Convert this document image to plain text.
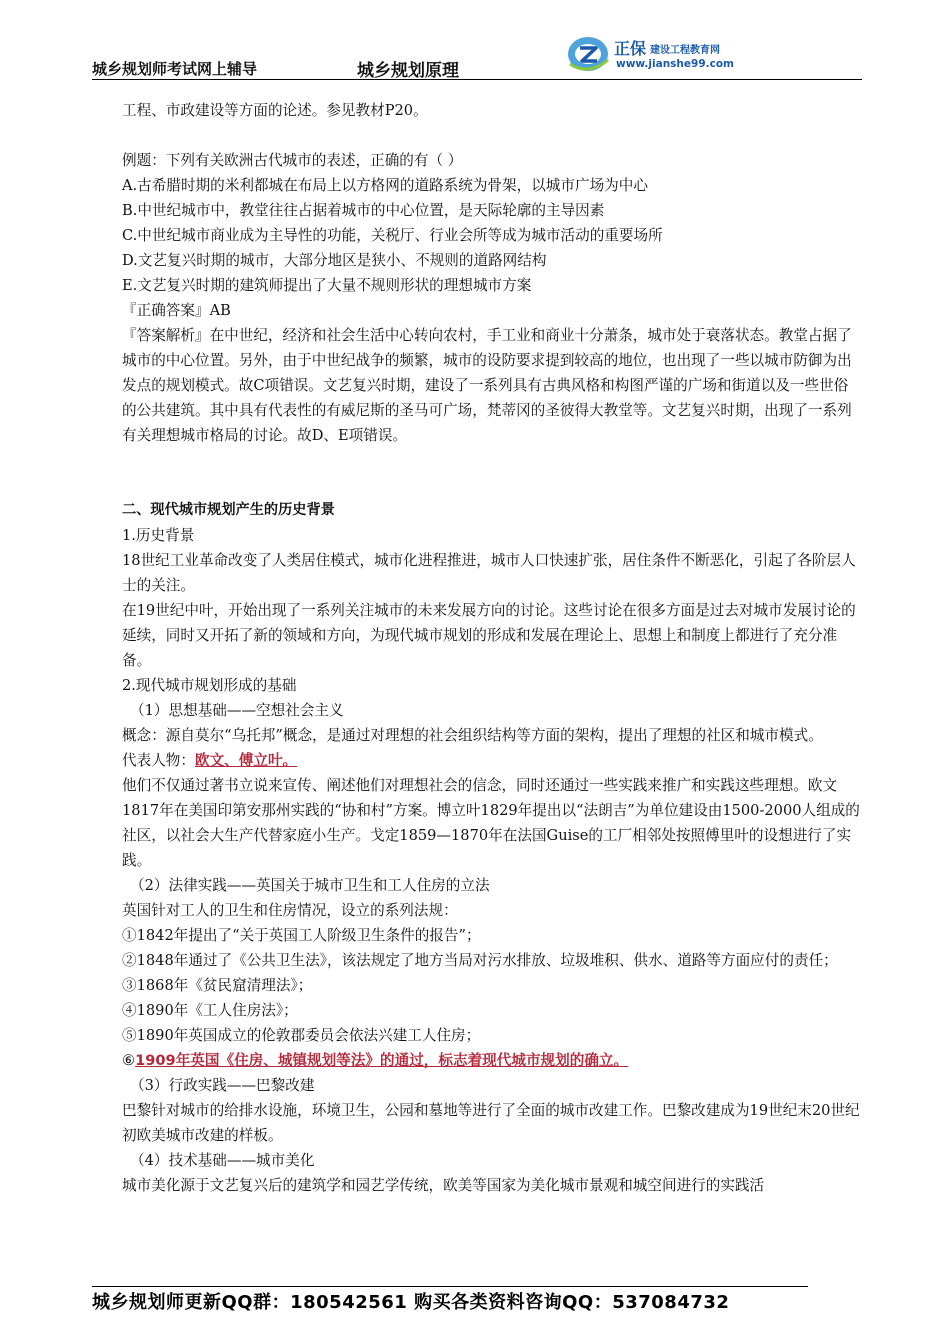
城乡规划师考试网上辅导	城乡规划原理
正保 建设工程教育网
www.jianshe99.com

工程、市政建设等方面的论述。参见教材P20。

例题：下列有关欧洲古代城市的表述，正确的有（ ）

A.古希腊时期的米利都城在布局上以方格网的道路系统为骨架，以城市广场为中心

B.中世纪城市中，教堂往往占据着城市的中心位置，是天际轮廓的主导因素

C.中世纪城市商业成为主导性的功能，关税厅、行业会所等成为城市活动的重要场所

D.文艺复兴时期的城市，大部分地区是狭小、不规则的道路网结构

E.文艺复兴时期的建筑师提出了大量不规则形状的理想城市方案

『正确答案』AB

『答案解析』在中世纪，经济和社会生活中心转向农村，手工业和商业十分萧条，城市处于衰落状态。教堂占据了城市的中心位置。另外，由于中世纪战争的频繁，城市的设防要求提到较高的地位，也出现了一些以城市防御为出发点的规划模式。故C项错误。文艺复兴时期，建设了一系列具有古典风格和构图严谨的广场和街道以及一些世俗的公共建筑。其中具有代表性的有威尼斯的圣马可广场，梵蒂冈的圣彼得大教堂等。文艺复兴时期，出现了一系列有关理想城市格局的讨论。故D、E项错误。

二、现代城市规划产生的历史背景

1.历史背景

18世纪工业革命改变了人类居住模式，城市化进程推进，城市人口快速扩张，居住条件不断恶化，引起了各阶层人士的关注。

在19世纪中叶，开始出现了一系列关注城市的未来发展方向的讨论。这些讨论在很多方面是过去对城市发展讨论的延续，同时又开拓了新的领域和方向，为现代城市规划的形成和发展在理论上、思想上和制度上都进行了充分准备。

2.现代城市规划形成的基础

（1）思想基础——空想社会主义

概念：源自莫尔“乌托邦”概念，是通过对理想的社会组织结构等方面的架构，提出了理想的社区和城市模式。

代表人物：欧文、傅立叶。

他们不仅通过著书立说来宣传、阐述他们对理想社会的信念，同时还通过一些实践来推广和实践这些理想。欧文1817年在美国印第安那州实践的“协和村”方案。博立叶1829年提出以“法朗吉”为单位建设由1500-2000人组成的社区，以社会大生产代替家庭小生产。戈定1859—1870年在法国Guise的工厂相邻处按照傅里叶的设想进行了实践。

（2）法律实践——英国关于城市卫生和工人住房的立法

英国针对工人的卫生和住房情况，设立的系列法规：

①1842年提出了“关于英国工人阶级卫生条件的报告”；

②1848年通过了《公共卫生法》，该法规定了地方当局对污水排放、垃圾堆积、供水、道路等方面应付的责任；

③1868年《贫民窟清理法》；

④1890年《工人住房法》；

⑤1890年英国成立的伦敦郡委员会依法兴建工人住房；

⑥1909年英国《住房、城镇规划等法》的通过，标志着现代城市规划的确立。

（3）行政实践——巴黎改建

巴黎针对城市的给排水设施，环境卫生，公园和墓地等进行了全面的城市改建工作。巴黎改建成为19世纪末20世纪初欧美城市改建的样板。

（4）技术基础——城市美化

城市美化源于文艺复兴后的建筑学和园艺学传统，欧美等国家为美化城市景观和城空间进行的实践活

城乡规划师更新QQ群：180542561 购买各类资料咨询QQ：537084732
